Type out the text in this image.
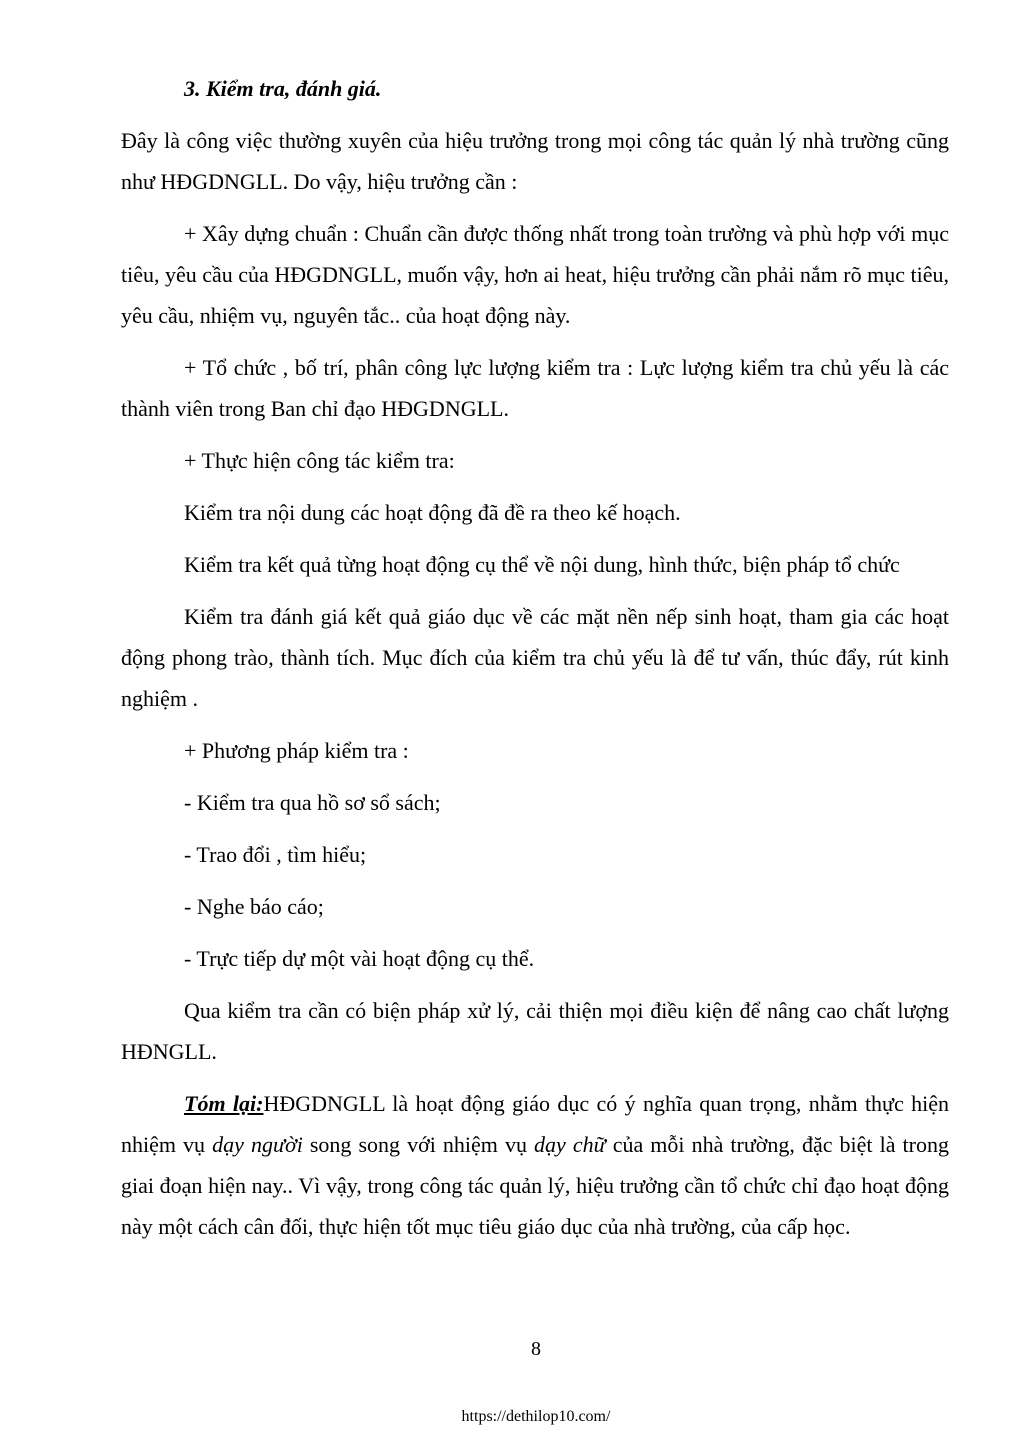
3. Kiểm tra, đánh giá.

Đây là công việc thường xuyên của hiệu trưởng trong mọi công tác quản lý nhà trường cũng như HĐGDNGLL. Do vậy, hiệu trưởng cần :

+ Xây dựng chuẩn : Chuẩn cần được thống nhất trong toàn trường và phù hợp với mục tiêu, yêu cầu của HĐGDNGLL, muốn vậy, hơn ai heat, hiệu trưởng cần phải nắm rõ mục tiêu, yêu cầu, nhiệm vụ, nguyên tắc.. của hoạt động này.

+ Tổ chức , bố trí, phân công lực lượng kiểm tra : Lực lượng kiểm tra chủ yếu là các thành viên trong Ban chỉ đạo HĐGDNGLL.

+ Thực hiện công tác kiểm tra:

Kiểm tra nội dung các hoạt động đã đề ra theo kế hoạch.

Kiểm tra kết quả từng hoạt động cụ thể về nội dung, hình thức, biện pháp tổ chức

Kiểm tra đánh giá kết quả giáo dục về các mặt nền nếp sinh hoạt, tham gia các hoạt động phong trào, thành tích. Mục đích của kiểm tra chủ yếu là để tư vấn, thúc đẩy, rút kinh nghiệm .

+ Phương pháp kiểm tra :

- Kiểm tra qua hồ sơ sổ sách;

- Trao đổi , tìm hiểu;

- Nghe báo cáo;

- Trực tiếp dự một vài hoạt động cụ thể.

Qua kiểm tra cần có biện pháp xử lý, cải thiện mọi điều kiện để nâng cao chất lượng HĐNGLL.

Tóm lại:HĐGDNGLL là hoạt động giáo dục có ý nghĩa quan trọng, nhằm thực hiện nhiệm vụ dạy người song song với nhiệm vụ dạy chữ của mỗi nhà trường, đặc biệt là trong giai đoạn hiện nay.. Vì vậy, trong công tác quản lý, hiệu trưởng cần tổ chức chỉ đạo hoạt động này một cách cân đối, thực hiện tốt mục tiêu giáo dục của nhà trường, của cấp học.

8
https://dethilop10.com/
